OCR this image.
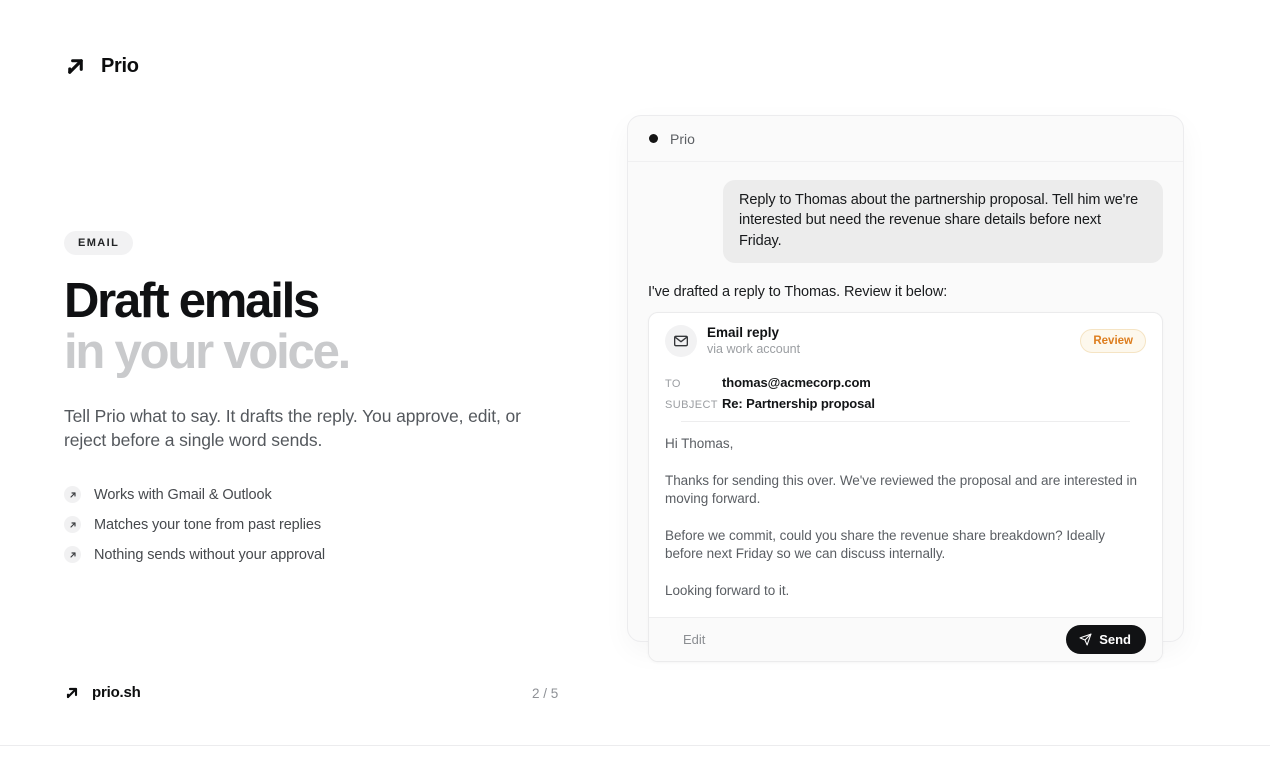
Prio
EMAIL
Draft emails
in your voice.

Tell Prio what to say. It drafts the reply. You approve, edit, or reject before a single word sends.

Works with Gmail & Outlook
Matches your tone from past replies
Nothing sends without your approval
Prio
Reply to Thomas about the partnership proposal. Tell him we're interested but need the revenue share details before next Friday.
I've drafted a reply to Thomas. Review it below:
Email reply
via work account
Review
TO	thomas@acmecorp.com
SUBJECT Re: Partnership proposal

Hi Thomas,

Thanks for sending this over. We've reviewed the proposal and are interested in moving forward.

Before we commit, could you share the revenue share breakdown? Ideally before next Friday so we can discuss internally.

Looking forward to it.

Edit	Send
prio.sh	2 / 5
